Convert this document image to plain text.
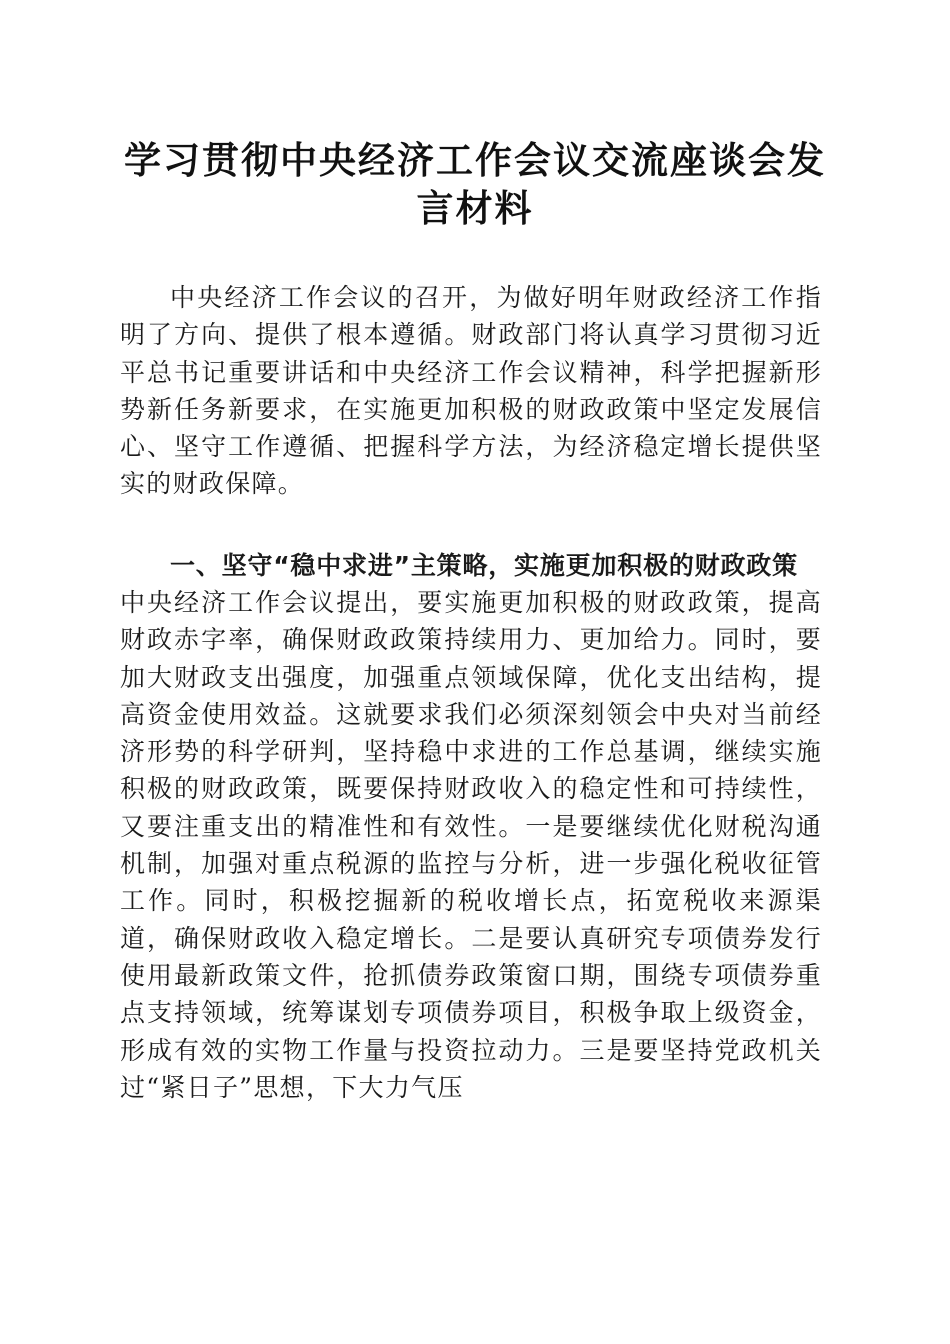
学习贯彻中央经济工作会议交流座谈会发言材料

中央经济工作会议的召开，为做好明年财政经济工作指明了方向、提供了根本遵循。财政部门将认真学习贯彻习近平总书记重要讲话和中央经济工作会议精神，科学把握新形势新任务新要求，在实施更加积极的财政政策中坚定发展信心、坚守工作遵循、把握科学方法，为经济稳定增长提供坚实的财政保障。

一、坚守“稳中求进”主策略，实施更加积极的财政政策

中央经济工作会议提出，要实施更加积极的财政政策，提高财政赤字率，确保财政政策持续用力、更加给力。同时，要加大财政支出强度，加强重点领域保障，优化支出结构，提高资金使用效益。这就要求我们必须深刻领会中央对当前经济形势的科学研判，坚持稳中求进的工作总基调，继续实施积极的财政政策，既要保持财政收入的稳定性和可持续性，又要注重支出的精准性和有效性。一是要继续优化财税沟通机制，加强对重点税源的监控与分析，进一步强化税收征管工作。同时，积极挖掘新的税收增长点，拓宽税收来源渠道，确保财政收入稳定增长。二是要认真研究专项债券发行使用最新政策文件，抢抓债券政策窗口期，围绕专项债券重点支持领域，统筹谋划专项债券项目，积极争取上级资金，形成有效的实物工作量与投资拉动力。三是要坚持党政机关过“紧日子”思想，下大力气压
